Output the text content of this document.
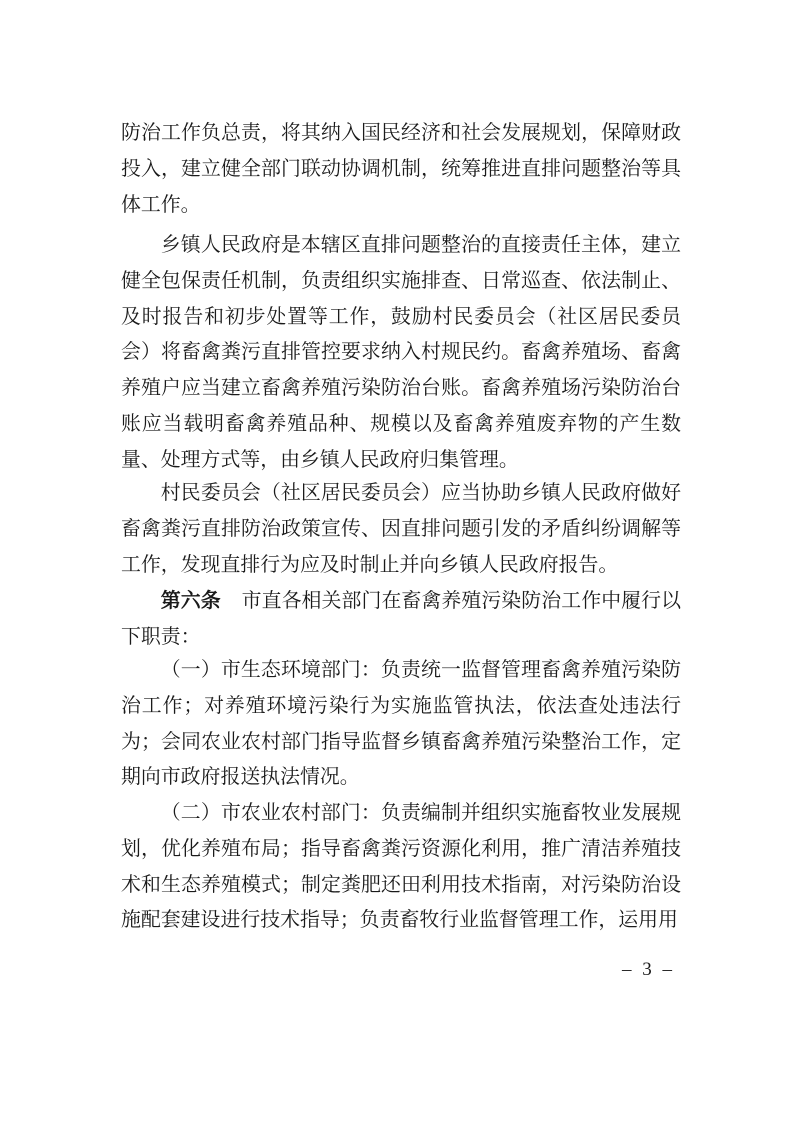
防治工作负总责，将其纳入国民经济和社会发展规划，保障财政投入，建立健全部门联动协调机制，统筹推进直排问题整治等具体工作。

乡镇人民政府是本辖区直排问题整治的直接责任主体，建立健全包保责任机制，负责组织实施排查、日常巡查、依法制止、及时报告和初步处置等工作，鼓励村民委员会（社区居民委员会）将畜禽粪污直排管控要求纳入村规民约。畜禽养殖场、畜禽养殖户应当建立畜禽养殖污染防治台账。畜禽养殖场污染防治台账应当载明畜禽养殖品种、规模以及畜禽养殖废弃物的产生数量、处理方式等，由乡镇人民政府归集管理。

村民委员会（社区居民委员会）应当协助乡镇人民政府做好畜禽粪污直排防治政策宣传、因直排问题引发的矛盾纠纷调解等工作，发现直排行为应及时制止并向乡镇人民政府报告。

第六条 市直各相关部门在畜禽养殖污染防治工作中履行以下职责：

（一）市生态环境部门：负责统一监督管理畜禽养殖污染防治工作；对养殖环境污染行为实施监管执法，依法查处违法行为；会同农业农村部门指导监督乡镇畜禽养殖污染整治工作，定期向市政府报送执法情况。

（二）市农业农村部门：负责编制并组织实施畜牧业发展规划，优化养殖布局；指导畜禽粪污资源化利用，推广清洁养殖技术和生态养殖模式；制定粪肥还田利用技术指南，对污染防治设施配套建设进行技术指导；负责畜牧行业监督管理工作，运用用

– 3 –
